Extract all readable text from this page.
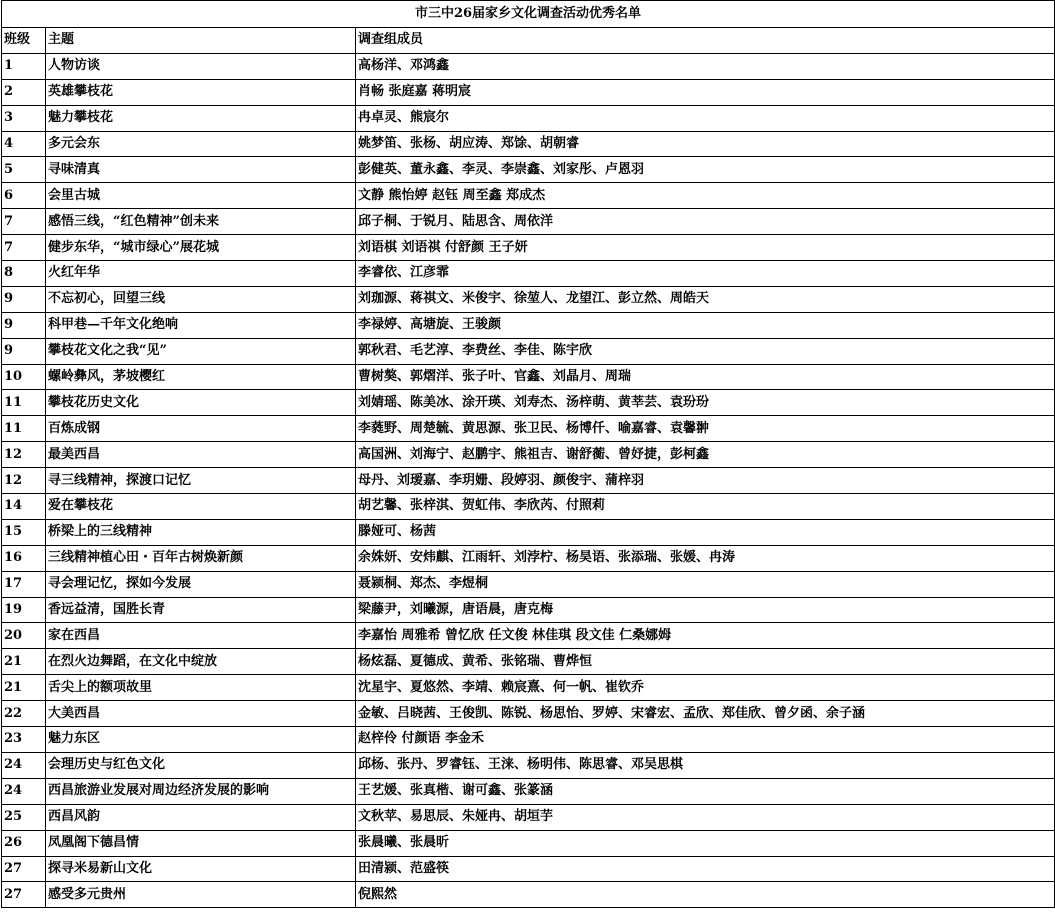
市三中26届家乡文化调查活动优秀名单		
班级	主题	调查组成员
1	人物访谈	高杨洋、邓鸿鑫
2	英雄攀枝花	肖畅 张庭嘉 蒋明宸
3	魅力攀枝花	冉卓灵、熊宸尔
4	多元会东	姚梦笛、张杨、胡应涛、郑馀、胡朝睿
5	寻味清真	彭健英、董永鑫、李灵、李崇鑫、刘家彤、卢恩羽
6	会里古城	文静 熊怡婷 赵钰 周至鑫 郑成杰
7	感悟三线，“红色精神”创未来	邱子桐、于锐月、陆思含、周依洋
7	健步东华，“城市绿心”展花城	刘语棋 刘语祺 付舒颜 王子妍
8	火红年华	李睿依、江彦霏
9	不忘初心，回望三线	刘珈源、蒋祺文、米俊宇、徐堃人、龙望江、彭立然、周皓天
9	科甲巷—千年文化绝响	李禄婷、高塘旋、王骏颜
9	攀枝花文化之我“见”	郭秋君、毛艺淳、李费丝、李佳、陈宇欣
10	螺岭彝风，茅坡樱红	曹树獒、郭熠洋、张子叶、官鑫、刘晶月、周瑞
11	攀枝花历史文化	刘婧瑶、陈美冰、涂开瑛、刘寿杰、汤梓萌、黄莘芸、袁玢玢
11	百炼成钢	李蕤野、周楚毓、黄思源、张卫民、杨博仟、喻嘉睿、袁馨翀
12	最美西昌	高国洲、刘海宁、赵鹏宇、熊祖吉、谢舒蘅、曾妤捷，彭柯鑫
12	寻三线精神，探渡口记忆	母丹、刘瑷嘉、李玥姗、段婷羽、颜俊宇、蒲梓羽
14	爱在攀枝花	胡艺馨、张梓淇、贺虹伟、李欣芮、付照莉
15	桥梁上的三线精神	滕娅可、杨茜
16	三线精神植心田・百年古树焕新颜	余姝妍、安炜麒、江雨轩、刘浡柠、杨昊语、张添瑞、张媛、冉涛
17	寻会理记忆，探如今发展	聂颍桐、郑杰、李煜桐
19	香远益清，国胜长青	梁藤尹，刘曦源，唐语晨，唐克梅
20	家在西昌	李嘉怡 周雅希 曾忆欣 任文俊 林佳琪 段文佳 仁桑娜姆
21	在烈火边舞蹈，在文化中绽放	杨炫磊、夏德成、黄希、张铭瑞、曹烨恒
21	舌尖上的额项故里	沈星宇、夏悠然、李靖、赖宸熹、何一帆、崔钦乔
22	大美西昌	金敏、吕晓茜、王俊凯、陈锐、杨思怡、罗婷、宋睿宏、孟欣、郑佳欣、曾夕函、余子涵
23	魅力东区	赵梓伶 付颜语 李金禾
24	会理历史与红色文化	邱杨、张丹、罗睿钰、王涞、杨明伟、陈思睿、邓吴思棋
24	西昌旅游业发展对周边经济发展的影响	王艺媛、张真楷、谢可鑫、张篆涵
25	西昌风韵	文秋苹、易思辰、朱娅冉、胡垣芋
26	凤凰阁下德昌情	张晨曦、张晨昕
27	探寻米易新山文化	田清颍、范盛筷
27	感受多元贵州	倪熙然
